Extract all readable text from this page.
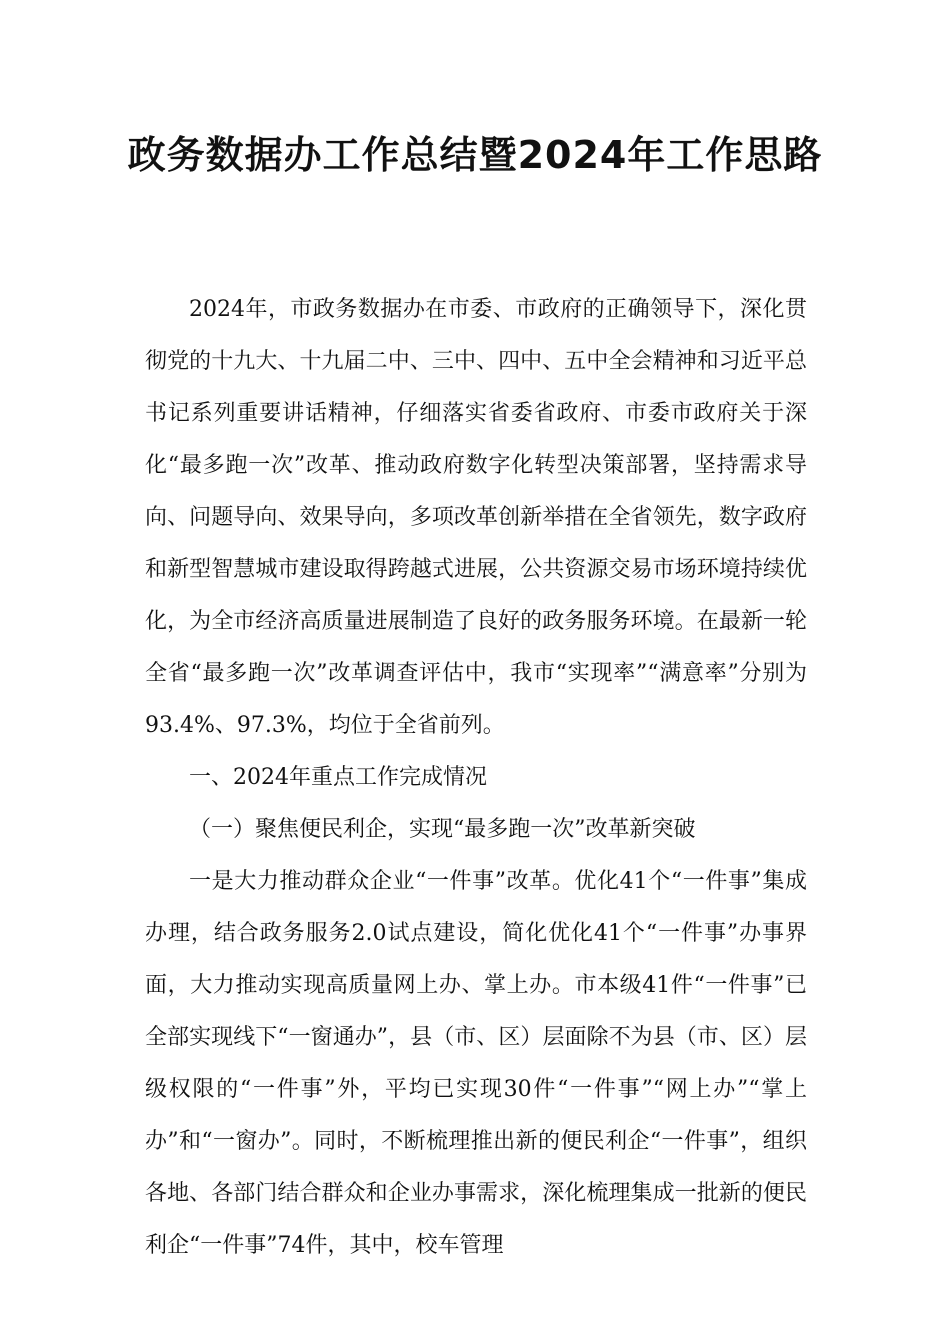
政务数据办工作总结暨2024年工作思路

2024年，市政务数据办在市委、市政府的正确领导下，深化贯彻党的十九大、十九届二中、三中、四中、五中全会精神和习近平总书记系列重要讲话精神，仔细落实省委省政府、市委市政府关于深化“最多跑一次”改革、推动政府数字化转型决策部署，坚持需求导向、问题导向、效果导向，多项改革创新举措在全省领先，数字政府和新型智慧城市建设取得跨越式进展，公共资源交易市场环境持续优化，为全市经济高质量进展制造了良好的政务服务环境。在最新一轮全省“最多跑一次”改革调查评估中，我市“实现率”“满意率”分别为93.4%、97.3%，均位于全省前列。

一、2024年重点工作完成情况

（一）聚焦便民利企，实现“最多跑一次”改革新突破

一是大力推动群众企业“一件事”改革。优化41个“一件事”集成办理，结合政务服务2.0试点建设，简化优化41个“一件事”办事界面，大力推动实现高质量网上办、掌上办。市本级41件“一件事”已全部实现线下“一窗通办”，县（市、区）层面除不为县（市、区）层级权限的“一件事”外，平均已实现30件“一件事”“网上办”“掌上办”和“一窗办”。同时，不断梳理推出新的便民利企“一件事”，组织各地、各部门结合群众和企业办事需求，深化梳理集成一批新的便民利企“一件事”74件，其中，校车管理
